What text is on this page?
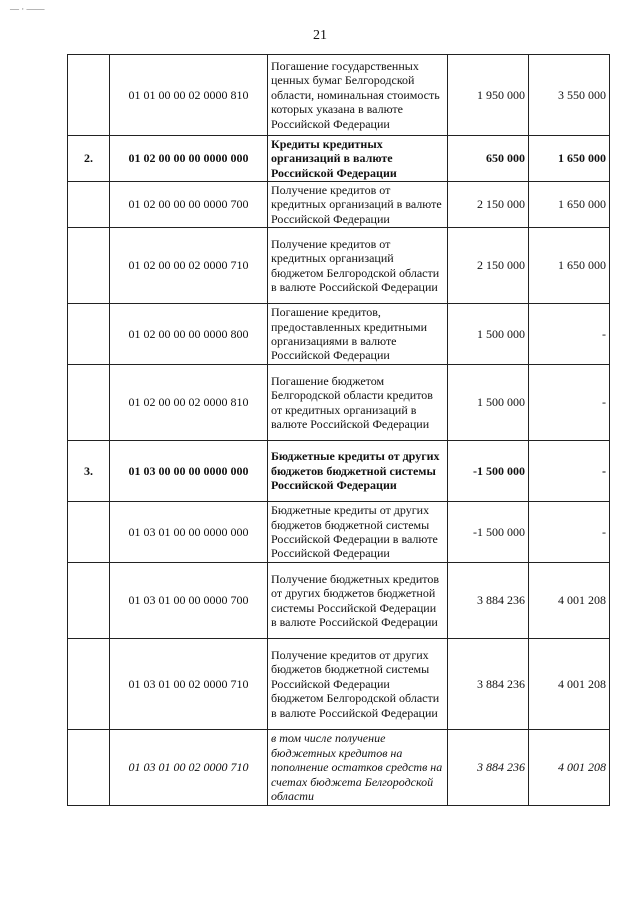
21
— · ——
	01 01 00 00 02 0000 810	Погашение государственных ценных бумаг Белгородской области, номинальная стоимость которых указана в валюте Российской Федерации	1 950 000	3 550 000
2.	01 02 00 00 00 0000 000	Кредиты кредитных организаций в валюте Российской Федерации	650 000	1 650 000
	01 02 00 00 00 0000 700	Получение кредитов от кредитных организаций в валюте Российской Федерации	2 150 000	1 650 000
	01 02 00 00 02 0000 710	Получение кредитов от кредитных организаций бюджетом Белгородской области в валюте Российской Федерации	2 150 000	1 650 000
	01 02 00 00 00 0000 800	Погашение кредитов, предоставленных кредитными организациями в валюте Российской Федерации	1 500 000	-
	01 02 00 00 02 0000 810	Погашение бюджетом Белгородской области кредитов от кредитных организаций в валюте Российской Федерации	1 500 000	-
3.	01 03 00 00 00 0000 000	Бюджетные кредиты от других бюджетов бюджетной системы Российской Федерации	-1 500 000	-
	01 03 01 00 00 0000 000	Бюджетные кредиты от других бюджетов бюджетной системы Российской Федерации в валюте Российской Федерации	-1 500 000	-
	01 03 01 00 00 0000 700	Получение бюджетных кредитов от других бюджетов бюджетной системы Российской Федерации в валюте Российской Федерации	3 884 236	4 001 208
	01 03 01 00 02 0000 710	Получение кредитов от других бюджетов бюджетной системы Российской Федерации бюджетом Белгородской области в валюте Российской Федерации	3 884 236	4 001 208
	01 03 01 00 02 0000 710	в том числе получение бюджетных кредитов на пополнение остатков средств на счетах бюджета Белгородской области	3 884 236	4 001 208
